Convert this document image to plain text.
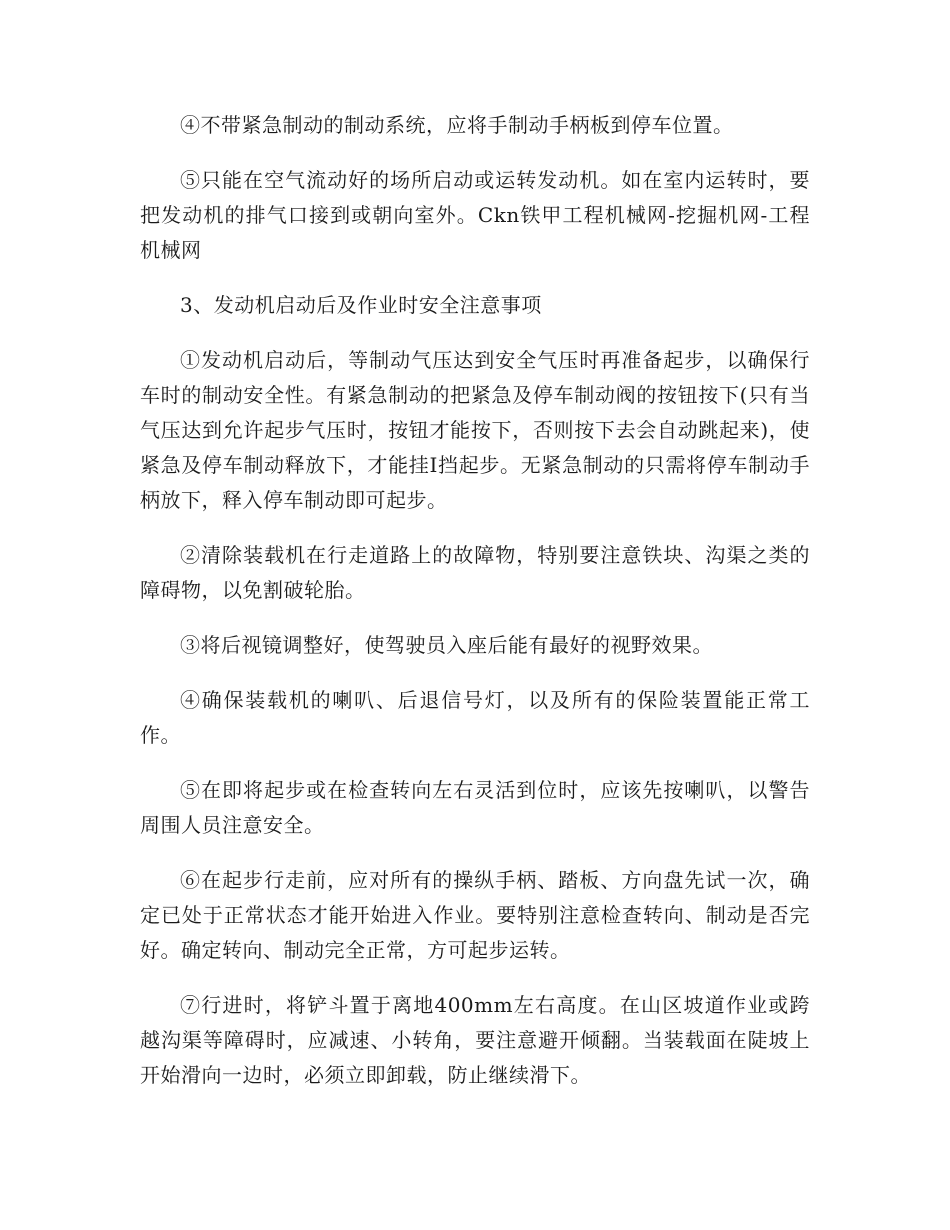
④不带紧急制动的制动系统，应将手制动手柄板到停车位置。

⑤只能在空气流动好的场所启动或运转发动机。如在室内运转时，要把发动机的排气口接到或朝向室外。Ckn铁甲工程机械网-挖掘机网-工程机械网

3、发动机启动后及作业时安全注意事项

①发动机启动后，等制动气压达到安全气压时再准备起步，以确保行车时的制动安全性。有紧急制动的把紧急及停车制动阀的按钮按下(只有当气压达到允许起步气压时，按钮才能按下，否则按下去会自动跳起来)，使紧急及停车制动释放下，才能挂I挡起步。无紧急制动的只需将停车制动手柄放下，释入停车制动即可起步。

②清除装载机在行走道路上的故障物，特别要注意铁块、沟渠之类的障碍物，以免割破轮胎。

③将后视镜调整好，使驾驶员入座后能有最好的视野效果。

④确保装载机的喇叭、后退信号灯，以及所有的保险装置能正常工作。

⑤在即将起步或在检查转向左右灵活到位时，应该先按喇叭，以警告周围人员注意安全。

⑥在起步行走前，应对所有的操纵手柄、踏板、方向盘先试一次，确定已处于正常状态才能开始进入作业。要特别注意检查转向、制动是否完好。确定转向、制动完全正常，方可起步运转。

⑦行进时，将铲斗置于离地400mm左右高度。在山区坡道作业或跨越沟渠等障碍时，应减速、小转角，要注意避开倾翻。当装载面在陡坡上开始滑向一边时，必须立即卸载，防止继续滑下。
